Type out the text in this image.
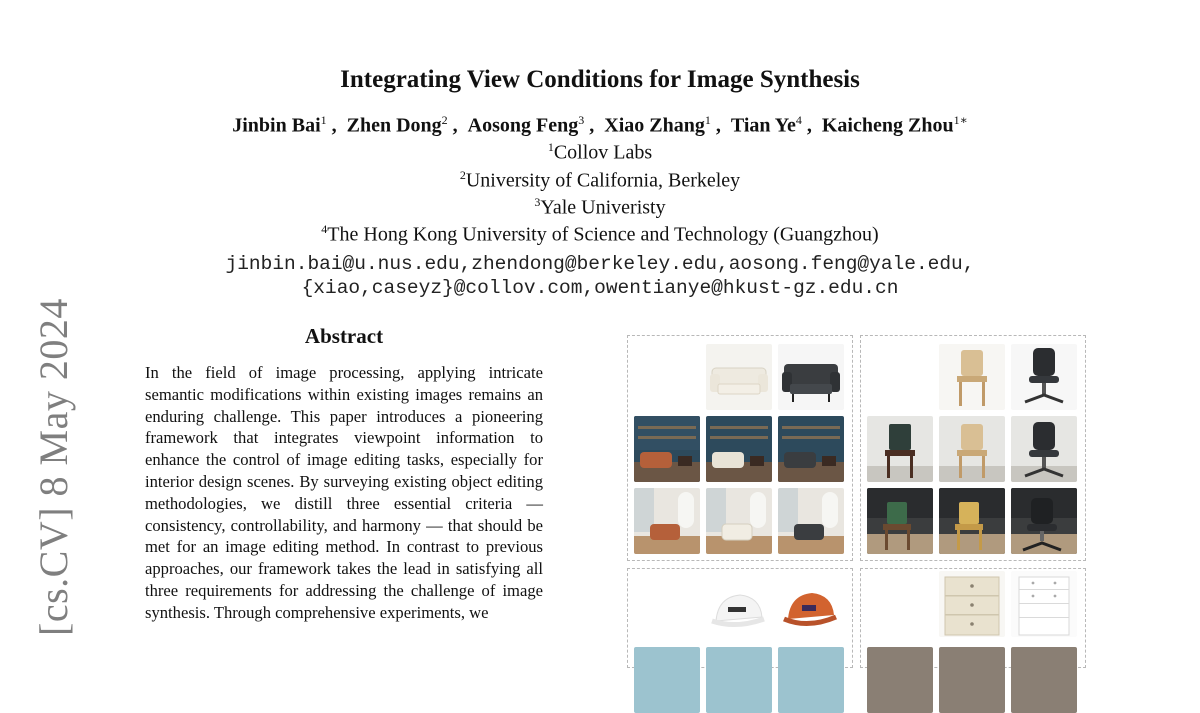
[cs.CV] 8 May 2024
Integrating View Conditions for Image Synthesis
Jinbin Bai$^1$ ,  Zhen Dong$^2$ ,  Aosong Feng$^3$ ,  Xiao Zhang$^1$ ,  Tian Ye$^4$ ,  Kaicheng Zhou$^{1∗}$
$^1$Collov Labs
$^2$University of California, Berkeley
$^3$Yale Univeristy
$^4$The Hong Kong University of Science and Technology (Guangzhou)
jinbin.bai@u.nus.edu,zhendong@berkeley.edu,aosong.feng@yale.edu,
{xiao,caseyz}@collov.com,owentianye@hkust-gz.edu.cn
Abstract
In the field of image processing, applying intricate semantic modifications within existing images remains an enduring challenge. This paper introduces a pioneering framework that integrates viewpoint information to enhance the control of image editing tasks, especially for interior design scenes. By surveying existing object editing methodologies, we distill three essential criteria — consistency, controllability, and harmony — that should be met for an image editing method. In contrast to previous approaches, our framework takes the lead in satisfying all three requirements for addressing the challenge of image synthesis. Through comprehensive experiments, we
